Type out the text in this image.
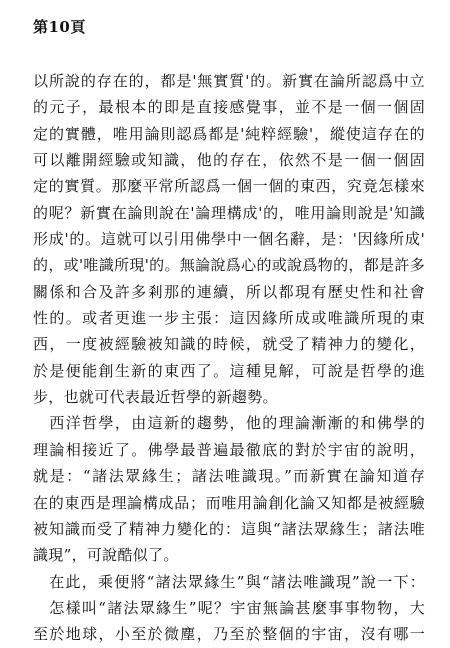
第10頁
以所說的存在的，都是'無實質'的。新實在論所認爲中立
的元子，最根本的即是直接感覺事，並不是一個一個固
定的實體，唯用論則認爲都是'純粹經驗'，縱使這存在的
可以離開經驗或知識，他的存在，依然不是一個一個固
定的實質。那麼平常所認爲一個一個的東西，究竟怎樣來
的呢？新實在論則說在'論理構成'的，唯用論則說是'知識
形成'的。這就可以引用佛學中一個名辭，是：'因緣所成'
的，或'唯識所現'的。無論說爲心的或說爲物的，都是許多
關係和合及許多剎那的連續，所以都現有歷史性和社會
性的。或者更進一步主張：這因緣所成或唯識所現的東
西，一度被經驗被知識的時候，就受了精神力的變化，
於是便能創生新的東西了。這種見解，可說是哲學的進
步，也就可代表最近哲學的新趨勢。
　西洋哲學，由這新的趨勢，他的理論漸漸的和佛學的
理論相接近了。佛學最普遍最徹底的對於宇宙的說明，
就是：“諸法眾緣生；諸法唯識現。”而新實在論知道存
在的東西是理論構成品；而唯用論創化論又知都是被經驗
被知識而受了精神力變化的：這與“諸法眾緣生；諸法唯
識現”，可說酷似了。
　在此，乘便將“諸法眾緣生”與“諸法唯識現”說一下：
　怎樣叫“諸法眾緣生”呢？宇宙無論甚麼事事物物，大
至於地球，小至於微塵，乃至於整個的宇宙，沒有哪一
